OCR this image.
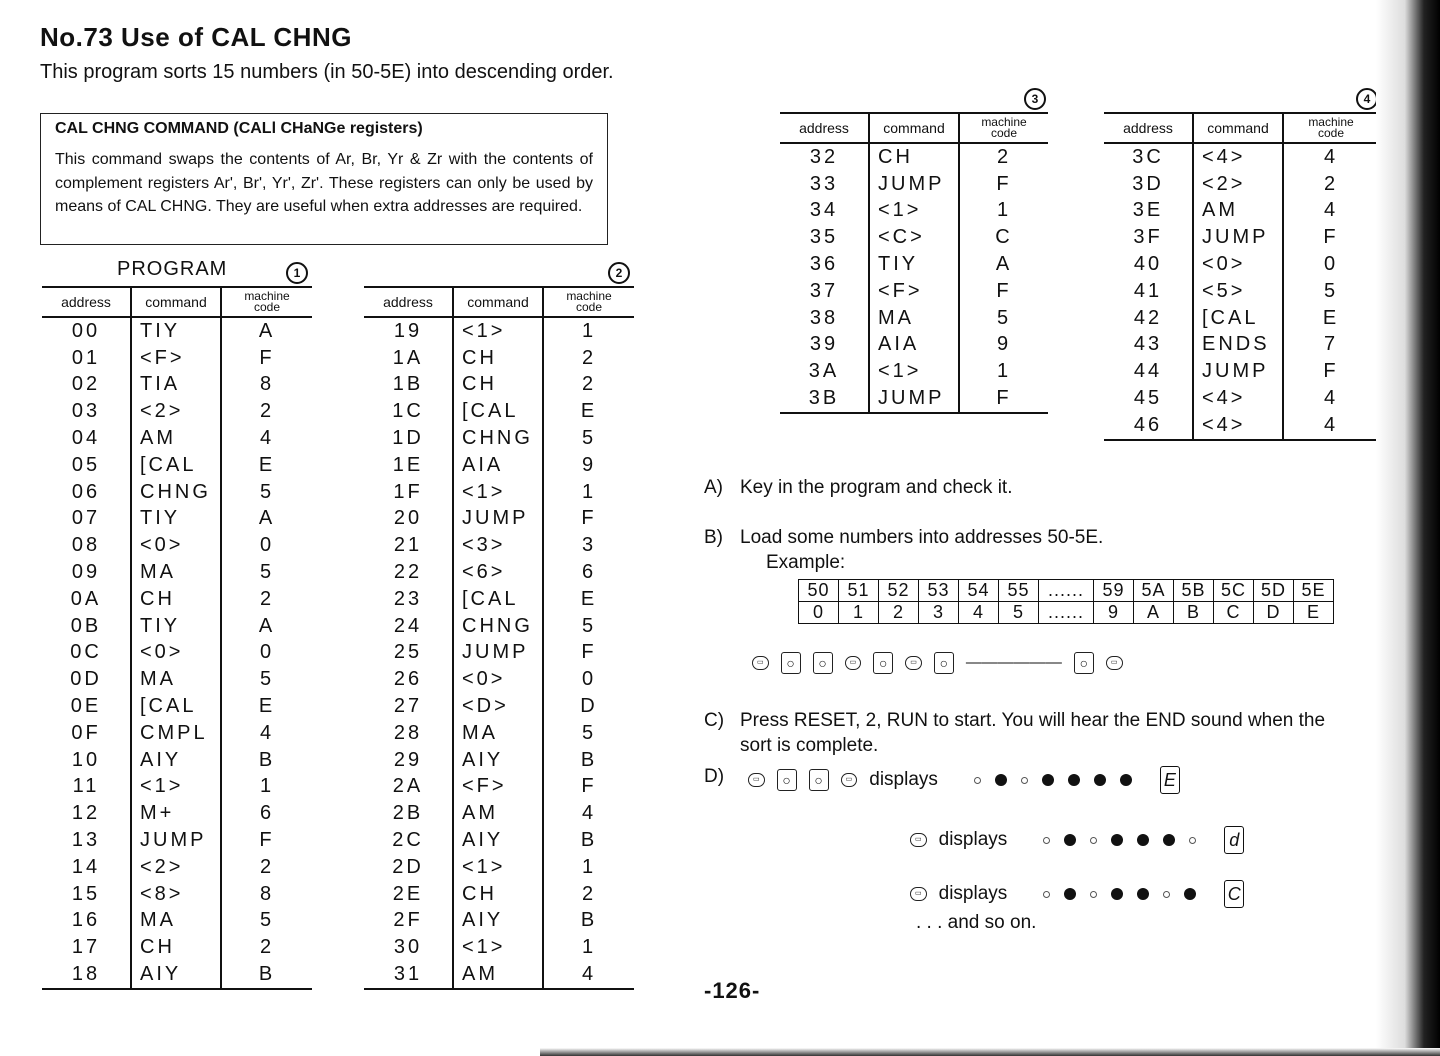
No.73 Use of CAL CHNG
This program sorts 15 numbers (in 50-5E) into descending order.
CAL CHNG COMMAND (CALl CHaNGe registers)
This command swaps the contents of Ar, Br, Yr & Zr with the contents of complement registers Ar', Br', Yr', Zr'. These registers can only be used by means of CAL CHNG. They are useful when extra addresses are required.
PROGRAM	1	2
3	4
address	command	machine
code

00	TIY	A
01	<F>	F
02	TIA	8
03	<2>	2
04	AM	4
05	[CAL	E
06	CHNG	5
07	TIY	A
08	<0>	0
09	MA	5
0A	CH	2
0B	TIY	A
0C	<0>	0
0D	MA	5
0E	[CAL	E
0F	CMPL	4
10	AIY	B
11	<1>	1
12	M+	6
13	JUMP	F
14	<2>	2
15	<8>	8
16	MA	5
17	CH	2
18	AIY	B
address	command	machine
code

19	<1>	1
1A	CH	2
1B	CH	2
1C	[CAL	E
1D	CHNG	5
1E	AIA	9
1F	<1>	1
20	JUMP	F
21	<3>	3
22	<6>	6
23	[CAL	E
24	CHNG	5
25	JUMP	F
26	<0>	0
27	<D>	D
28	MA	5
29	AIY	B
2A	<F>	F
2B	AM	4
2C	AIY	B
2D	<1>	1
2E	CH	2
2F	AIY	B
30	<1>	1
31	AM	4
address	command	machine
code

32	CH	2
33	JUMP	F
34	<1>	1
35	<C>	C
36	TIY	A
37	<F>	F
38	MA	5
39	AIA	9
3A	<1>	1
3B	JUMP	F
address	command	machine
code

3C	<4>	4
3D	<2>	2
3E	AM	4
3F	JUMP	F
40	<0>	0
41	<5>	5
42	[CAL	E
43	ENDS	7
44	JUMP	F
45	<4>	4
46	<4>	4
A) Key in the program and check it.
B) Load some numbers into addresses 50-5E.
Example:
50	51	52	53	54	55	......	59	5A	5B	5C	5D	5E
0	1	2	3	4	5	......	9	A	B	C	D	E
▭	○	○	▭	○	▭	○	——————	○	▭
C) Press RESET, 2, RUN to start. You will hear the END sound when the sort is complete.
D)	▭	○	○	▭ displays	E
▭ displays	d
▭ displays	C
. . . and so on.
-126-
